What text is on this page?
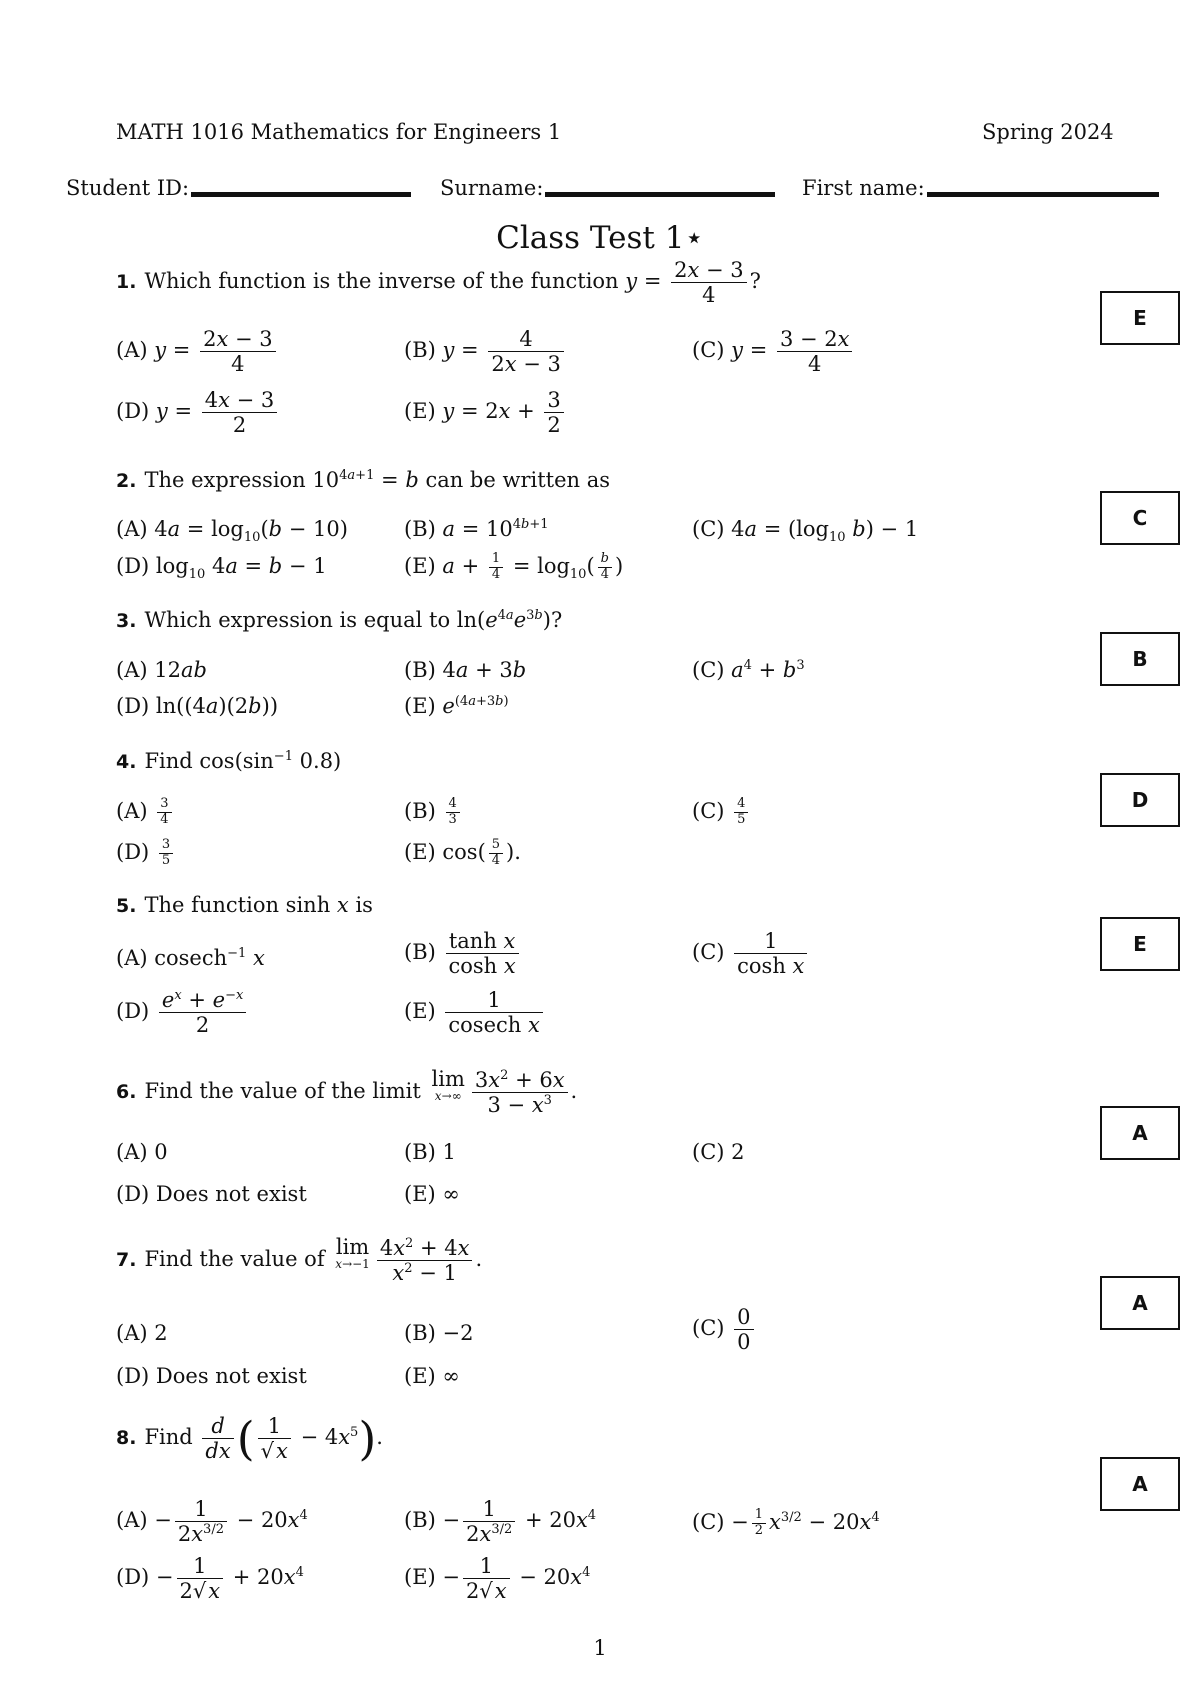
MATH 1016 Mathematics for Engineers 1	Spring 2024
Student ID:	Surname:	First name:
Class Test 1⋆
1. Which function is the inverse of the function $y = \frac{2x - 3}{4}$ ?
E
(A) $y = \frac{2x - 3}{4}$	(B) $y = \frac{4}{2x - 3}$	(C) $y = \frac{3 - 2x}{4}$
(D) $y = \frac{4x - 3}{2}$	(E) $y = 2x + \frac{3}{2}$
2. The expression $10^{4a+1} = b$ can be written as
C
(A) $4a = \log_{10}(b - 10)$	(B) $a = 10^{4b+1}$	(C) $4a = (\log_{10}$ b) − 1
(D) $\log_{10} 4a = b - 1$	(E) $a + \frac{1}{4} = \log_{10}( \frac{b}{4}$ )
3. Which expression is equal to $\ln(e^{4a}e^{3b})$?
B
(A) 12ab	(B) 4a + 3b	(C) $a^4 + b^3$
(D) ln((4a)(2b))	(E) $e^{(4a+3b)}$
4. Find $\cos(\sin^{-1}$ 0.8)
D
$(A) \frac{3}{4}$	$(B) \frac{4}{3}$	$(C) \frac{4}{5}$
$(D) \frac{3}{5}$	(E) $\cos( \frac{5}{4}$ ).
5. The function sinh x is
E
(A) cosech$^{-1}$ x	$(B) \frac{\text{tanh x}}{\text{cosh x}}$	$(C) \frac{1}{\text{cosh x}}$
$(D) \frac{e^x + e^{-x}}{2}$	$(E) \frac{1}{\text{cosech x}}$
6. Find the value of the limit lim
$x\to\infty \frac{3x^2 + 6x}{3 - x^3}$ .
A
(A) 0	(B) 1	(C) 2
(D) Does not exist	(E) ∞
7. Find the value of lim
$x\to-1 \frac{4x^2 + 4x}{x^2 - 1}$ .
A
(A) 2	(B) −2	$(C) \frac{0}{0}$
(D) Does not exist	(E) ∞
8. Find $\frac{d}{dx}$ ( $\frac{1}{√x} - 4x^5$).
A
$(A) - \frac{1}{2x^{3/2}} - 20x^4$	$(B) - \frac{1}{2x^{3/2}} + 20x^4$	$(C) - \frac{1}{2} x^{3/2} - 20x^4$
$(D) - \frac{1}{2√x} + 20x^4$	$(E) - \frac{1}{2√x} - 20x^4$
1
